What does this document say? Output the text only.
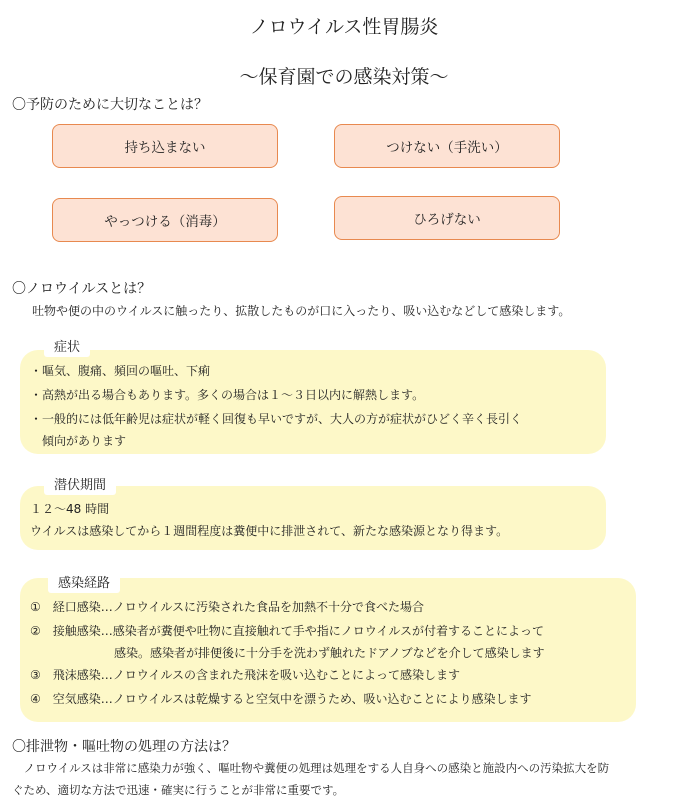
ノロウイルス性胃腸炎
～保育園での感染対策～
〇予防のために大切なことは？
持ち込まない	つけない（手洗い）
やっつける（消毒）	ひろげない
〇ノロウイルスとは？
吐物や便の中のウイルスに触ったり、拡散したものが口に入ったり、吸い込むなどして感染します。
症状
・嘔気、腹痛、頻回の嘔吐、下痢
・高熱が出る場合もあります。多くの場合は１～３日以内に解熱します。
・一般的には低年齢児は症状が軽く回復も早いですが、大人の方が症状がひどく辛く長引く
　傾向があります
潜伏期間
１２～48 時間
ウイルスは感染してから１週間程度は糞便中に排泄されて、新たな感染源となり得ます。
感染経路
①　経口感染…ノロウイルスに汚染された食品を加熱不十分で食べた場合
②　接触感染…感染者が糞便や吐物に直接触れて手や指にノロウイルスが付着することによって
　　　　　　　感染。感染者が排便後に十分手を洗わず触れたドアノブなどを介して感染します
③　飛沫感染…ノロウイルスの含まれた飛沫を吸い込むことによって感染します
④　空気感染…ノロウイルスは乾燥すると空気中を漂うため、吸い込むことにより感染します
〇排泄物・嘔吐物の処理の方法は？
　ノロウイルスは非常に感染力が強く、嘔吐物や糞便の処理は処理をする人自身への感染と施設内への汚染拡大を防
ぐため、適切な方法で迅速・確実に行うことが非常に重要です。
